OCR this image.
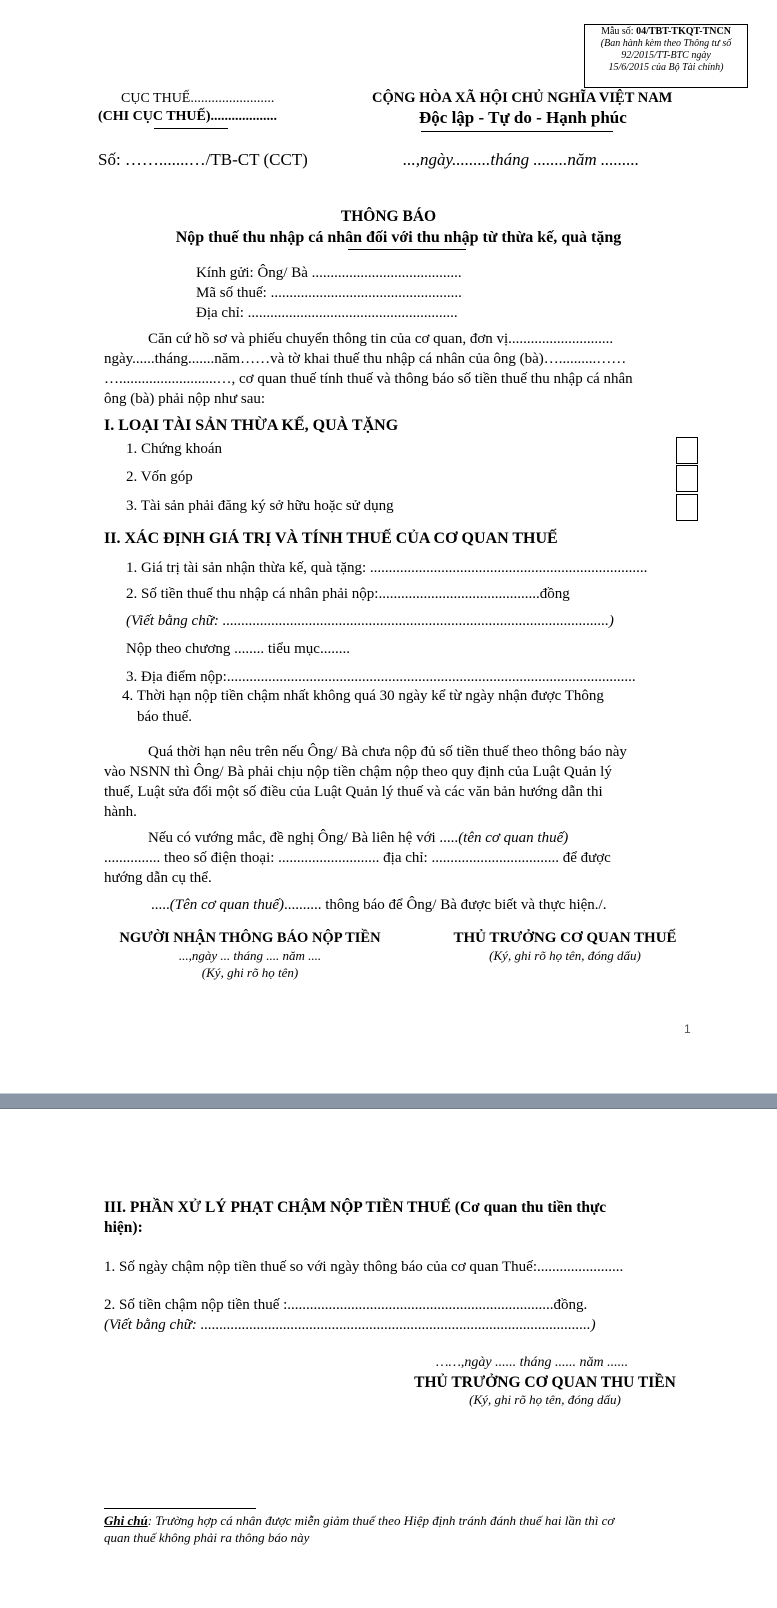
Mẫu số: 04/TBT-TKQT-TNCN
(Ban hành kèm theo Thông tư số
92/2015/TT-BTC ngày
15/6/2015 của Bộ Tài chính)
CỤC THUẾ........................
(CHI CỤC THUẾ)...................
Số: …….......…/TB-CT (CCT)
CỘNG HÒA XÃ HỘI CHỦ NGHĨA VIỆT NAM
Độc lập - Tự do - Hạnh phúc
...,ngày.........tháng ........năm .........
THÔNG BÁO
Nộp thuế thu nhập cá nhân đối với thu nhập từ thừa kế, quà tặng
Kính gửi: Ông/ Bà ........................................
Mã số thuế: ...................................................
Địa chỉ: ........................................................
Căn cứ hồ sơ và phiếu chuyển thông tin của cơ quan, đơn vị............................
ngày......tháng.......năm……và tờ khai thuế thu nhập cá nhân của ông (bà)…..........……
…..........................…, cơ quan thuế tính thuế và thông báo số tiền thuế thu nhập cá nhân
ông (bà) phải nộp như sau:
I. LOẠI TÀI SẢN THỪA KẾ, QUÀ TẶNG
1. Chứng khoán
2. Vốn góp
3. Tài sản phải đăng ký sở hữu hoặc sử dụng
II. XÁC ĐỊNH GIÁ TRỊ VÀ TÍNH THUẾ CỦA CƠ QUAN THUẾ
1. Giá trị tài sản nhận thừa kế, quà tặng: ..........................................................................
2. Số tiền thuế thu nhập cá nhân phải nộp:...........................................đồng
(Viết bằng chữ: .......................................................................................................)
Nộp theo chương ........ tiểu mục........
3. Địa điểm nộp:.............................................................................................................
4. Thời hạn nộp tiền chậm nhất không quá 30 ngày kể từ ngày nhận được Thông
báo thuế.
Quá thời hạn nêu trên nếu Ông/ Bà chưa nộp đủ số tiền thuế theo thông báo này
vào NSNN thì Ông/ Bà phải chịu nộp tiền chậm nộp theo quy định của Luật Quản lý
thuế, Luật sửa đổi một số điều của Luật Quản lý thuế và các văn bản hướng dẫn thi
hành.
Nếu có vướng mắc, đề nghị Ông/ Bà liên hệ với .....(tên cơ quan thuế)
............... theo số điện thoại: ........................... địa chỉ: .................................. để được
hướng dẫn cụ thể.
.....(Tên cơ quan thuế).......... thông báo để Ông/ Bà được biết và thực hiện./.
NGƯỜI NHẬN THÔNG BÁO NỘP TIỀN
...,ngày ... tháng .... năm ....
(Ký, ghi rõ họ tên)
THỦ TRƯỞNG CƠ QUAN THUẾ
(Ký, ghi rõ họ tên, đóng dấu)
1
III. PHẦN XỬ LÝ PHẠT CHẬM NỘP TIỀN THUẾ (Cơ quan thu tiền thực
hiện):
1. Số ngày chậm nộp tiền thuế so với ngày thông báo của cơ quan Thuế:.......................
2. Số tiền chậm nộp tiền thuế :.......................................................................đồng.
(Viết bằng chữ: ........................................................................................................)
……,ngày ...... tháng ...... năm ......
THỦ TRƯỞNG CƠ QUAN THU TIỀN
(Ký, ghi rõ họ tên, đóng dấu)
Ghi chú: Trường hợp cá nhân được miễn giảm thuế theo Hiệp định tránh đánh thuế hai lần thì cơ
quan thuế không phải ra thông báo này
